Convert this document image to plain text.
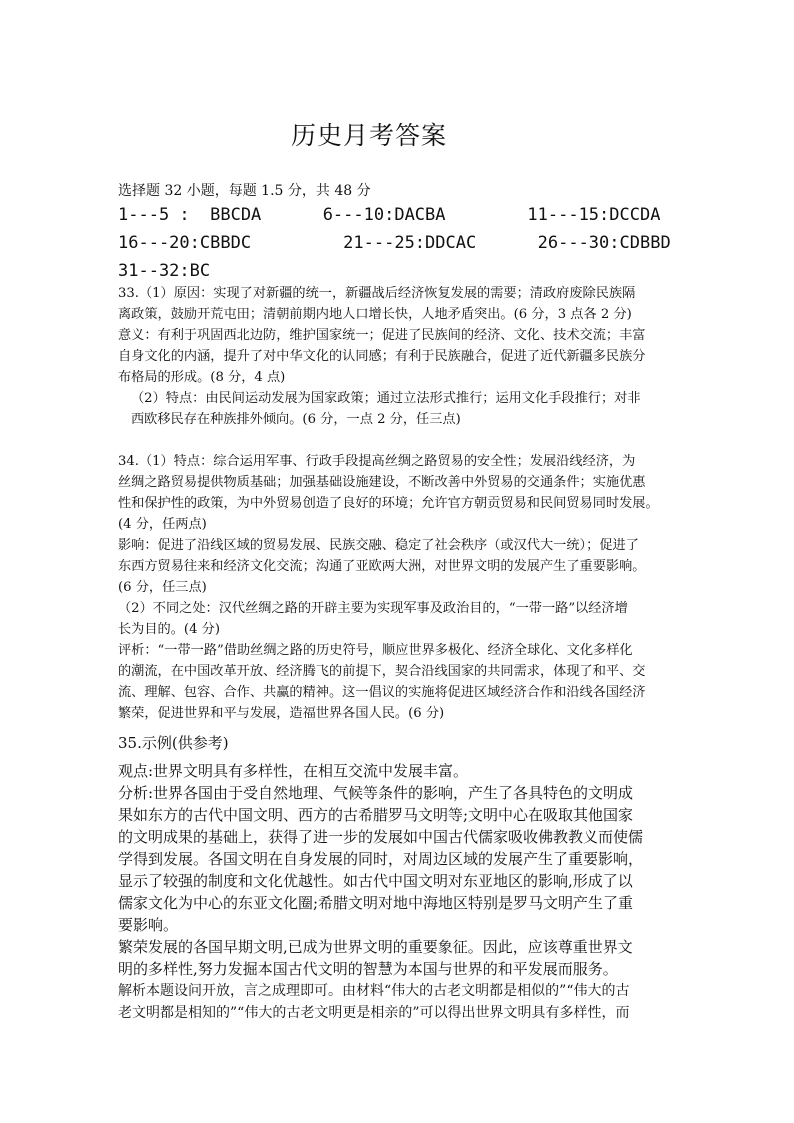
历史月考答案
选择题 32 小题，每题 1.5 分，共 48 分
1---5 :  BBCDA      6---10:DACBA        11---15:DCCDA
16---20:CBBDC         21---25:DDCAC      26---30:CDBBD
31--32:BC
33.（1）原因：实现了对新疆的统一，新疆战后经济恢复发展的需要；清政府废除民族隔
离政策，鼓励开荒屯田；清朝前期内地人口增长快，人地矛盾突出。(6 分，3 点各 2 分)
意义：有利于巩固西北边防，维护国家统一；促进了民族间的经济、文化、技术交流；丰富
自身文化的内涵，提升了对中华文化的认同感；有利于民族融合，促进了近代新疆多民族分
布格局的形成。(8 分，4 点)
（2）特点：由民间运动发展为国家政策；通过立法形式推行；运用文化手段推行；对非
西欧移民存在种族排外倾向。(6 分，一点 2 分，任三点)
34.（1）特点：综合运用军事、行政手段提高丝绸之路贸易的安全性；发展沿线经济，为
丝绸之路贸易提供物质基础；加强基础设施建设，不断改善中外贸易的交通条件；实施优惠
性和保护性的政策，为中外贸易创造了良好的环境；允许官方朝贡贸易和民间贸易同时发展。
(4 分，任两点)
影响：促进了沿线区域的贸易发展、民族交融、稳定了社会秩序（或汉代大一统）；促进了
东西方贸易往来和经济文化交流；沟通了亚欧两大洲，对世界文明的发展产生了重要影响。
(6 分，任三点)
（2）不同之处：汉代丝绸之路的开辟主要为实现军事及政治目的，“一带一路”以经济增
长为目的。(4 分)
评析：“一带一路”借助丝绸之路的历史符号，顺应世界多极化、经济全球化、文化多样化
的潮流，在中国改革开放、经济腾飞的前提下，契合沿线国家的共同需求，体现了和平、交
流、理解、包容、合作、共赢的精神。这一倡议的实施将促进区域经济合作和沿线各国经济
繁荣，促进世界和平与发展，造福世界各国人民。(6 分)
35.示例(供参考)
观点:世界文明具有多样性，在相互交流中发展丰富。
分析:世界各国由于受自然地理、气候等条件的影响，产生了各具特色的文明成
果如东方的古代中国文明、西方的古希腊罗马文明等;文明中心在吸取其他国家
的文明成果的基础上，获得了进一步的发展如中国古代儒家吸收佛教教义而使儒
学得到发展。各国文明在自身发展的同时，对周边区域的发展产生了重要影响，
显示了较强的制度和文化优越性。如古代中国文明对东亚地区的影响,形成了以
儒家文化为中心的东亚文化圈;希腊文明对地中海地区特别是罗马文明产生了重
要影响。
繁荣发展的各国早期文明,已成为世界文明的重要象征。因此，应该尊重世界文
明的多样性,努力发掘本国古代文明的智慧为本国与世界的和平发展而服务。
解析本题设问开放，言之成理即可。由材料“伟大的古老文明都是相似的”“伟大的古
老文明都是相知的”“伟大的古老文明更是相亲的”可以得出世界文明具有多样性，而
